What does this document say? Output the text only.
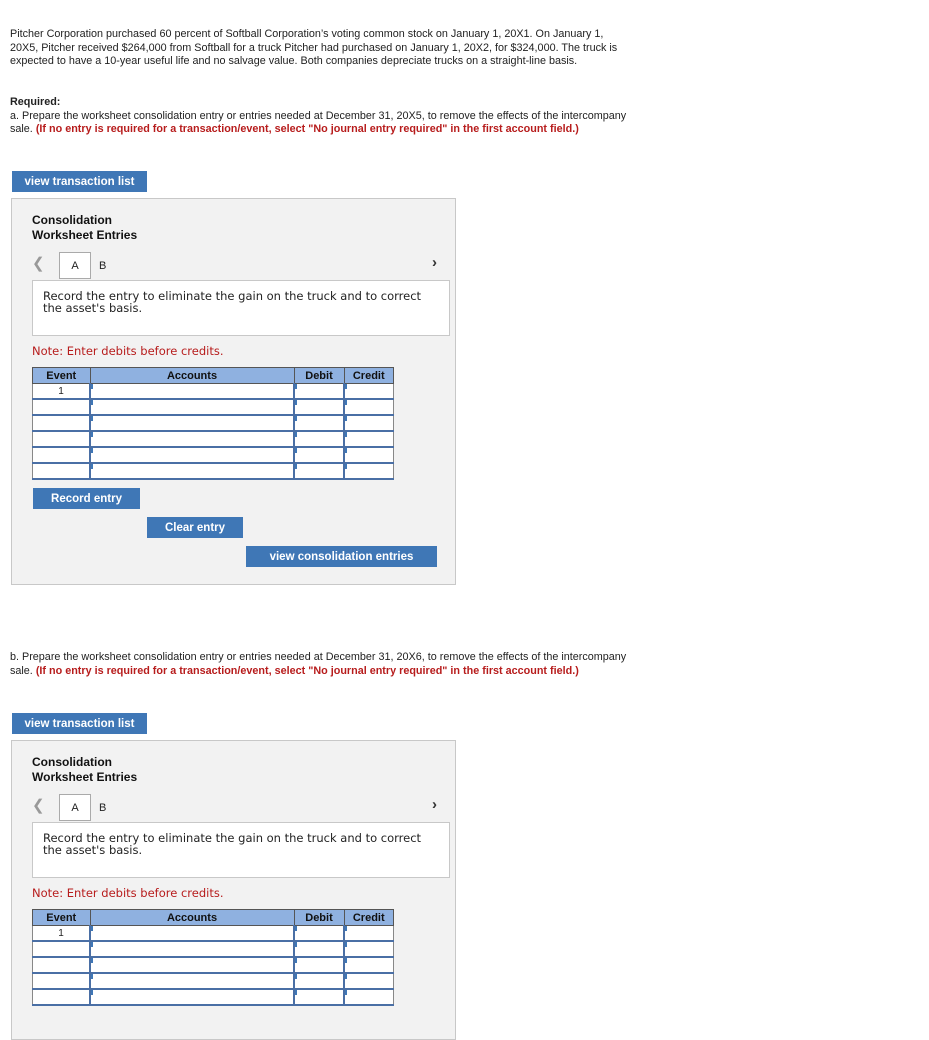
Pitcher Corporation purchased 60 percent of Softball Corporation’s voting common stock on January 1, 20X1. On January 1, 20X5, Pitcher received $264,000 from Softball for a truck Pitcher had purchased on January 1, 20X2, for $324,000. The truck is expected to have a 10-year useful life and no salvage value. Both companies depreciate trucks on a straight-line basis.
Required:
a. Prepare the worksheet consolidation entry or entries needed at December 31, 20X5, to remove the effects of the intercompany sale. (If no entry is required for a transaction/event, select "No journal entry required" in the first account field.)
view transaction list
Consolidation
Worksheet Entries
❮	A	B	›
Record the entry to eliminate the gain on the truck and to correct the asset's basis.
Note: Enter debits before credits.
Event	Accounts	Debit	Credit
1	

Record entry
Clear entry
view consolidation entries
b. Prepare the worksheet consolidation entry or entries needed at December 31, 20X6, to remove the effects of the intercompany sale. (If no entry is required for a transaction/event, select "No journal entry required" in the first account field.)
view transaction list
Consolidation
Worksheet Entries
❮	A	B	›
Record the entry to eliminate the gain on the truck and to correct the asset's basis.
Note: Enter debits before credits.
Event	Accounts	Debit	Credit
1	
